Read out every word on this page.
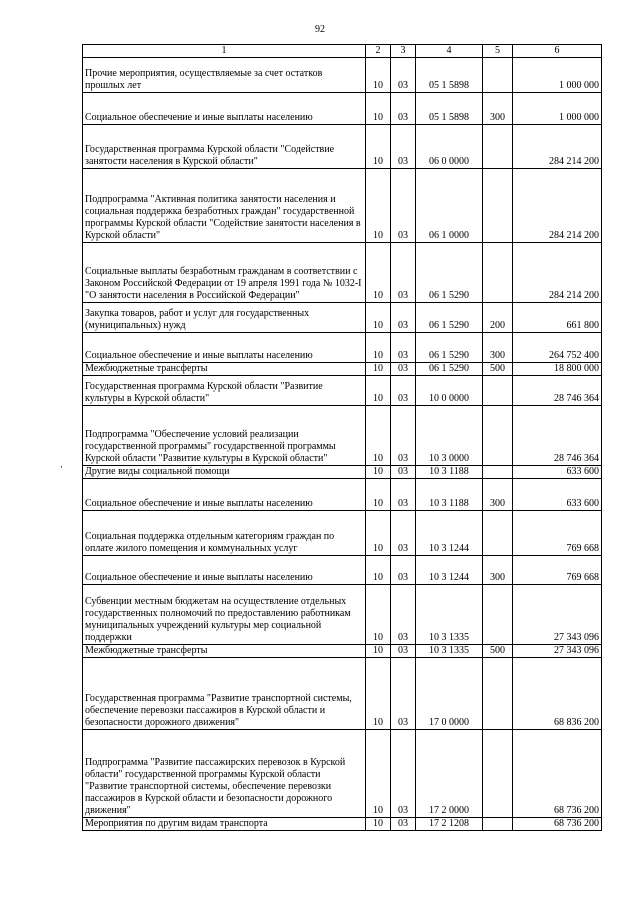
92
‚
1	2	3	4	5	6
Прочие мероприятия, осуществляемые за счет остатков прошлых лет	10	03	05 1 5898		1 000 000
Социальное обеспечение и иные выплаты населению	10	03	05 1 5898	300	1 000 000
Государственная программа Курской области "Содействие занятости населения в Курской области"	10	03	06 0 0000		284 214 200
Подпрограмма "Активная политика занятости населения и социальная поддержка безработных граждан" государственной программы Курской области "Содействие занятости населения в Курской области"	10	03	06 1 0000		284 214 200
Социальные выплаты безработным гражданам в соответствии с Законом Российской Федерации от 19 апреля 1991 года № 1032-I "О занятости населения в Российской Федерации"	10	03	06 1 5290		284 214 200
Закупка товаров, работ и услуг для государственных (муниципальных) нужд	10	03	06 1 5290	200	661 800
Социальное обеспечение и иные выплаты населению	10	03	06 1 5290	300	264 752 400
Межбюджетные трансферты	10	03	06 1 5290	500	18 800 000
Государственная программа Курской области "Развитие культуры в Курской области"	10	03	10 0 0000		28 746 364
Подпрограмма "Обеспечение условий реализации государственной программы" государственной программы Курской области "Развитие культуры в Курской области"	10	03	10 3 0000		28 746 364
Другие виды социальной помощи	10	03	10 3 1188		633 600
Социальное обеспечение и иные выплаты населению	10	03	10 3 1188	300	633 600
Социальная поддержка отдельным категориям граждан по оплате жилого помещения и коммунальных услуг	10	03	10 3 1244		769 668
Социальное обеспечение и иные выплаты населению	10	03	10 3 1244	300	769 668
Субвенции местным бюджетам на осуществление отдельных государственных полномочий по предоставлению работникам муниципальных учреждений культуры мер социальной поддержки	10	03	10 3 1335		27 343 096
Межбюджетные трансферты	10	03	10 3 1335	500	27 343 096
Государственная программа "Развитие транспортной системы, обеспечение перевозки пассажиров в Курской области и безопасности дорожного движения"	10	03	17 0 0000		68 836 200
Подпрограмма "Развитие пассажирских перевозок в Курской области" государственной программы Курской области "Развитие транспортной системы, обеспечение перевозки пассажиров в Курской области и безопасности дорожного движения"	10	03	17 2 0000		68 736 200
Мероприятия по другим видам транспорта	10	03	17 2 1208		68 736 200
